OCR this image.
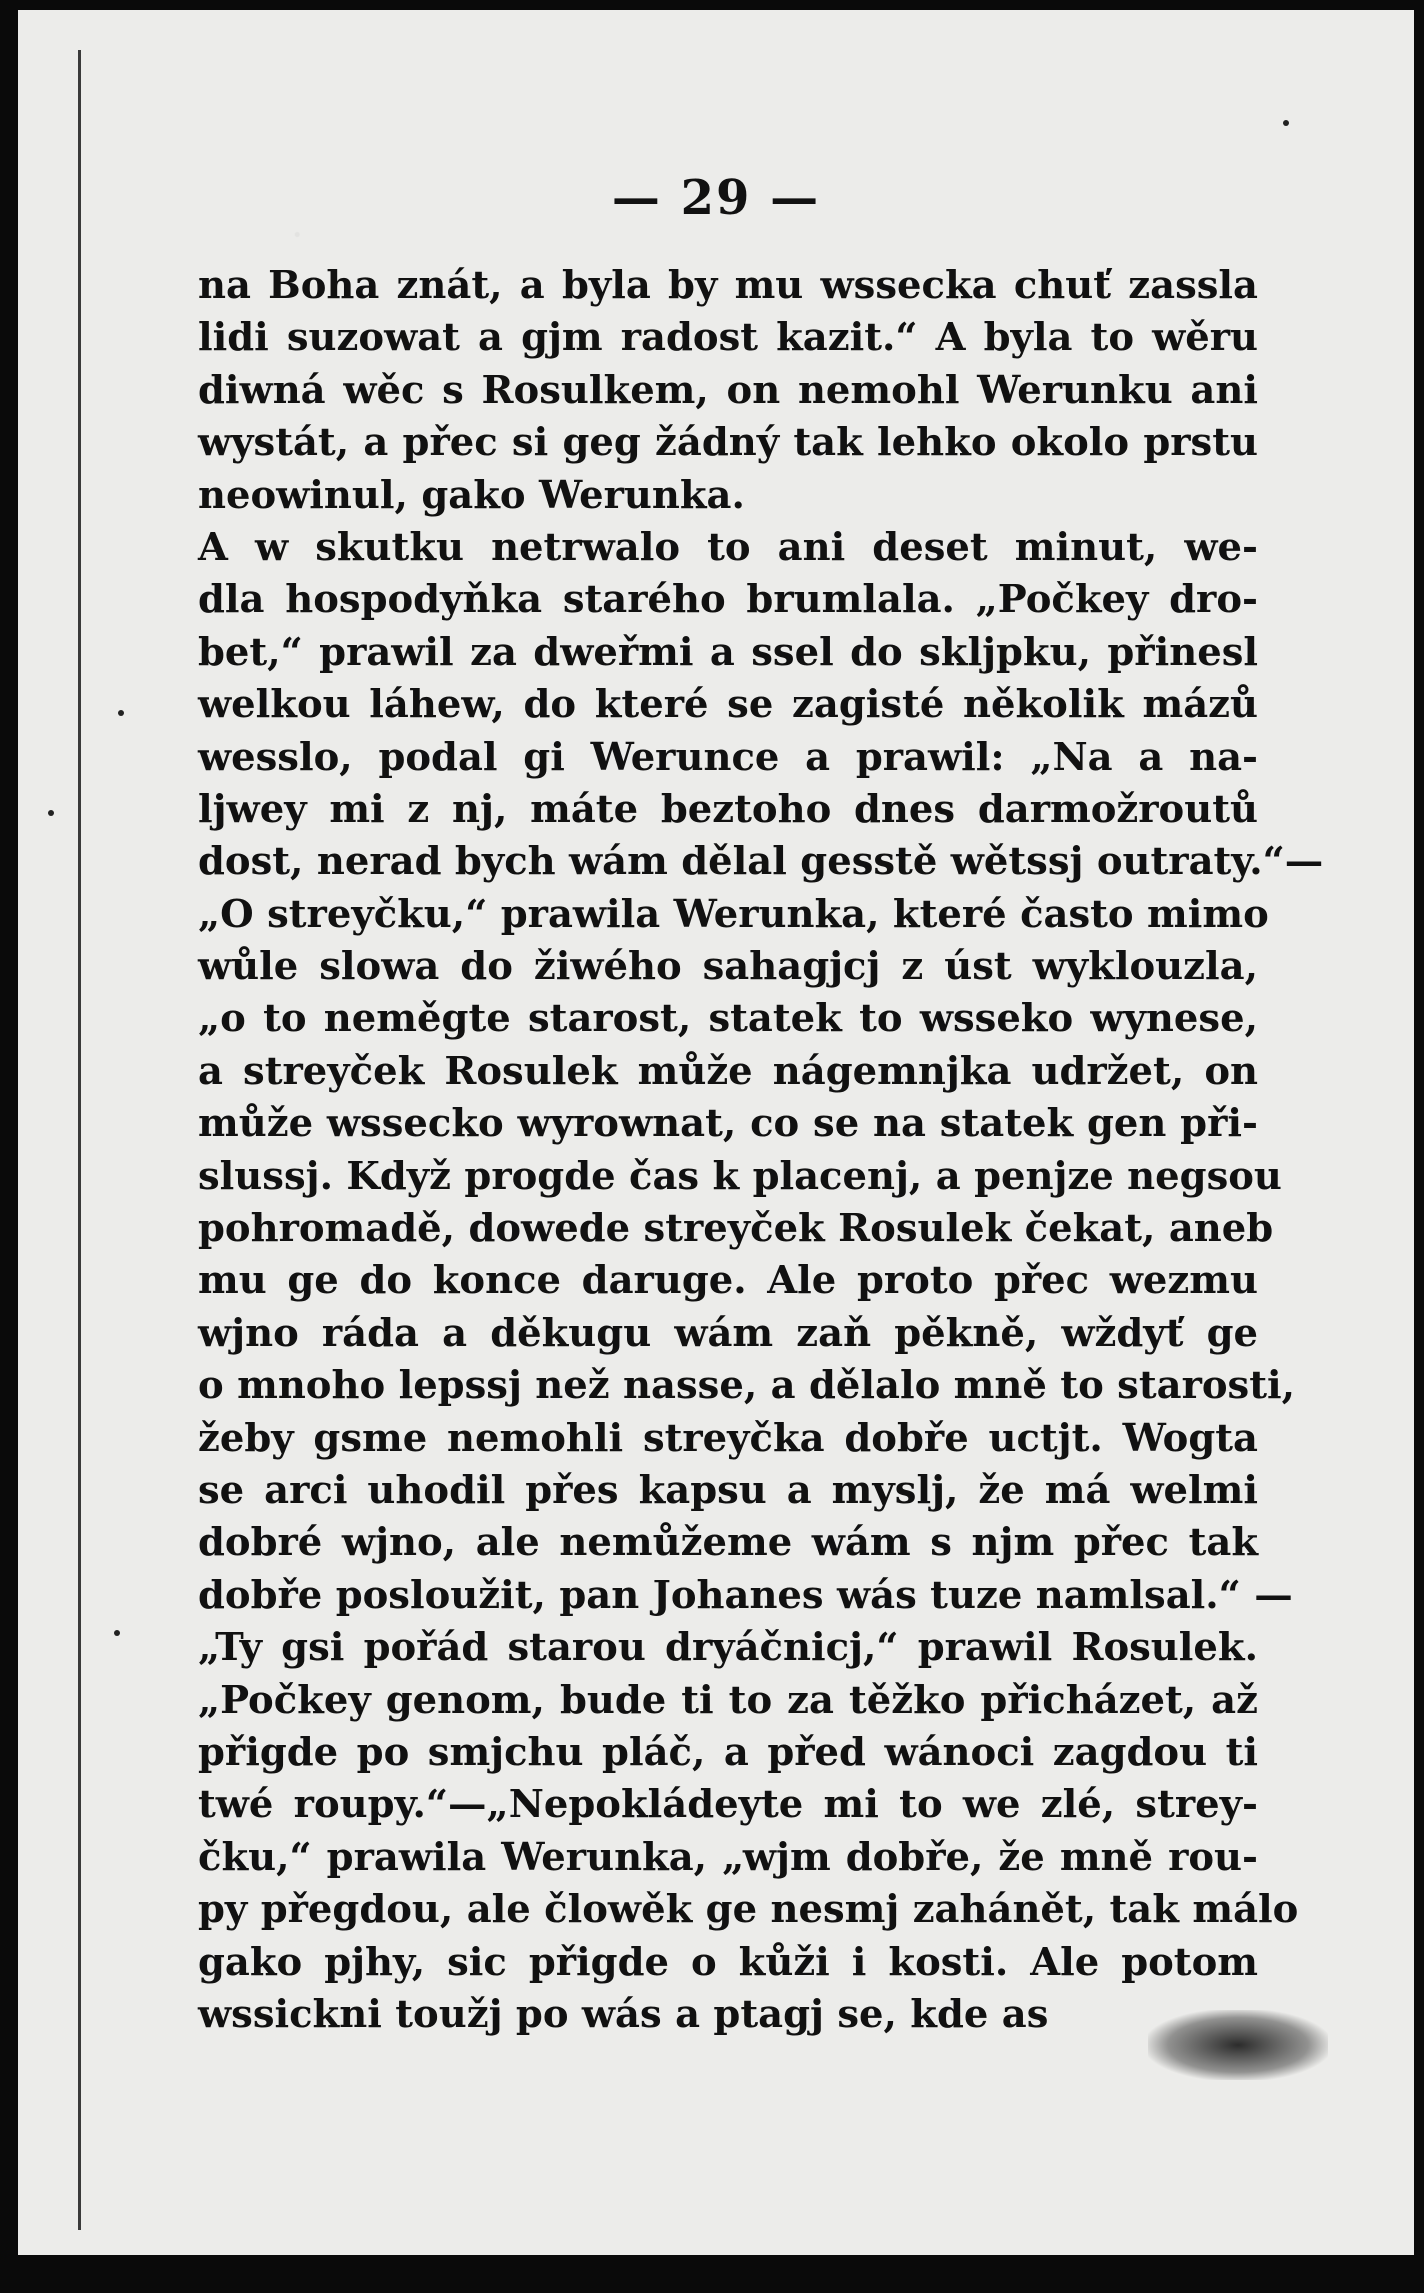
— 29 —
na Boha znát, a byla by mu wssecka chuť zassla
lidi suzowat a gjm radost kazit.“ A byla to wěru
diwná wěc s Rosulkem, on nemohl Werunku ani
wystát, a přec si geg žádný tak lehko okolo prstu
neowinul, gako Werunka.
A w skutku netrwalo to ani deset minut, we-
dla hospodyňka starého brumlala. „Počkey dro-
bet,“ prawil za dweřmi a ssel do skljpku, přinesl
welkou láhew, do které se zagisté několik mázů
wesslo, podal gi Werunce a prawil: „Na a na-
ljwey mi z nj, máte beztoho dnes darmožroutů
dost, nerad bych wám dělal gesstě wětssj outraty.“—
„O streyčku,“ prawila Werunka, které často mimo
wůle slowa do žiwého sahagjcj z úst wyklouzla,
„o to neměgte starost, statek to wsseko wynese,
a streyček Rosulek může nágemnjka udržet, on
může wssecko wyrownat, co se na statek gen při-
slussj. Když progde čas k placenj, a penjze negsou
pohromadě, dowede streyček Rosulek čekat, aneb
mu ge do konce daruge. Ale proto přec wezmu
wjno ráda a děkugu wám zaň pěkně, wždyť ge
o mnoho lepssj než nasse, a dělalo mně to starosti,
žeby gsme nemohli streyčka dobře uctjt. Wogta
se arci uhodil přes kapsu a myslj, že má welmi
dobré wjno, ale nemůžeme wám s njm přec tak
dobře posloužit, pan Johanes wás tuze namlsal.“ —
„Ty gsi pořád starou dryáčnicj,“ prawil Rosulek.
„Počkey genom, bude ti to za těžko přicházet, až
přigde po smjchu pláč, a před wánoci zagdou ti
twé roupy.“—„Nepokládeyte mi to we zlé, strey-
čku,“ prawila Werunka, „wjm dobře, že mně rou-
py přegdou, ale člowěk ge nesmj zahánět, tak málo
gako pjhy, sic přigde o kůži i kosti. Ale potom
wssickni toužj po wás a ptagj se, kde as
